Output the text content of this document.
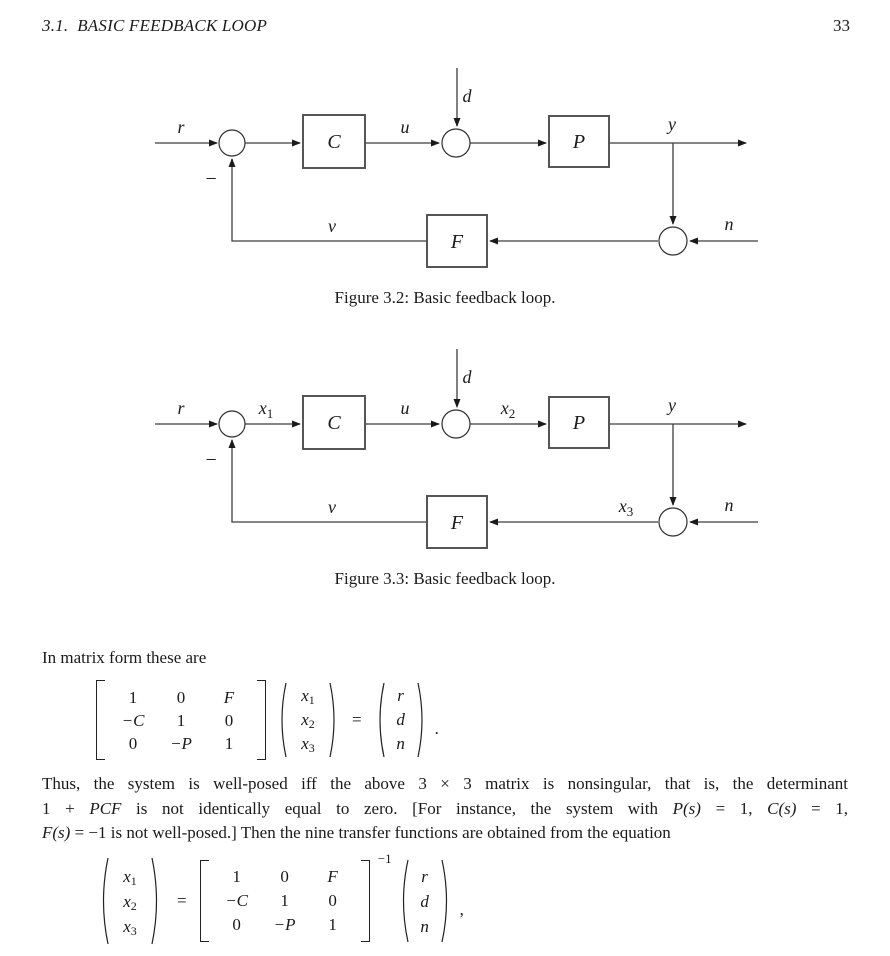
3.1. BASIC FEEDBACK LOOP	33
C	P
F
r	u
d
y
v	n
−
Figure 3.2: Basic feedback loop.
C	P
F
r	$x_1$	u
d
$x_2$	y
v	$x_3$	n
−
Figure 3.3: Basic feedback loop.
In matrix form these are
1 0 F
−C 1 0
0 −P 1
$x_1$
$x_2$
$x_3$
=
r
d
n
.
Thus, the system is well-posed iff the above 3 × 3 matrix is nonsingular, that is, the determinant
1 + PCF is not identically equal to zero. [For instance, the system with P(s) = 1, C(s) = 1,
F(s) = −1 is not well-posed.] Then the nine transfer functions are obtained from the equation
$x_1$
$x_2$
$x_3$
=
1 0 F
−C 1 0
0 −P 1
−1
r
d
n
,
